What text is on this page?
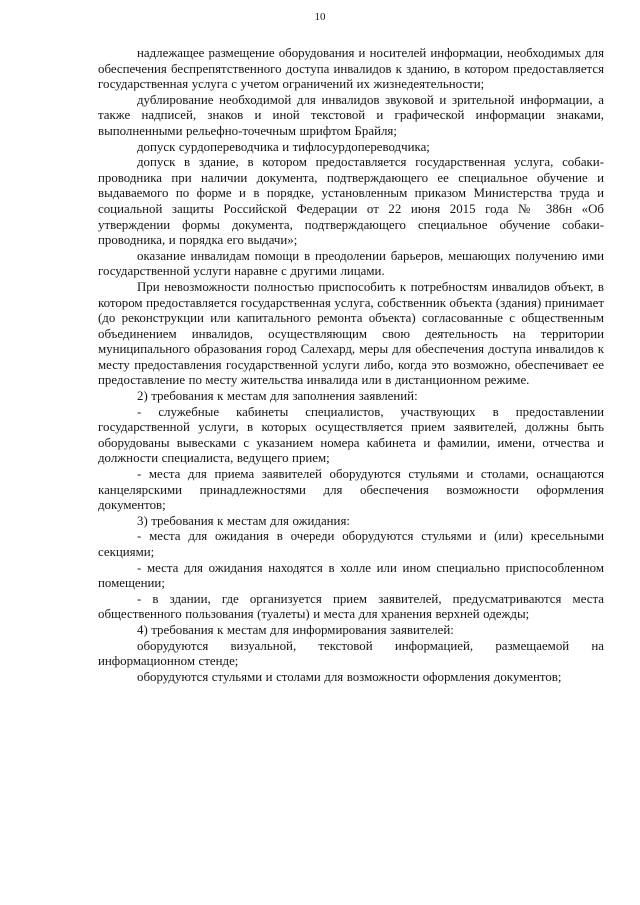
10

надлежащее размещение оборудования и носителей информации, необходимых для обеспечения беспрепятственного доступа инвалидов к зданию, в котором предоставляется государственная услуга с учетом ограничений их жизнедеятельности;

дублирование необходимой для инвалидов звуковой и зрительной информации, а также надписей, знаков и иной текстовой и графической информации знаками, выполненными рельефно-точечным шрифтом Брайля;

допуск сурдопереводчика и тифлосурдопереводчика;

допуск в здание, в котором предоставляется государственная услуга, собаки-проводника при наличии документа, подтверждающего ее специальное обучение и выдаваемого по форме и в порядке, установленным приказом Министерства труда и социальной защиты Российской Федерации от 22 июня 2015 года № 386н «Об утверждении формы документа, подтверждающего специальное обучение собаки-проводника, и порядка его выдачи»;

оказание инвалидам помощи в преодолении барьеров, мешающих получению ими государственной услуги наравне с другими лицами.

При невозможности полностью приспособить к потребностям инвалидов объект, в котором предоставляется государственная услуга, собственник объекта (здания) принимает (до реконструкции или капитального ремонта объекта) согласованные с общественным объединением инвалидов, осуществляющим свою деятельность на территории муниципального образования город Салехард, меры для обеспечения доступа инвалидов к месту предоставления государственной услуги либо, когда это возможно, обеспечивает ее предоставление по месту жительства инвалида или в дистанционном режиме.

2) требования к местам для заполнения заявлений:

- служебные кабинеты специалистов, участвующих в предоставлении государственной услуги, в которых осуществляется прием заявителей, должны быть оборудованы вывесками с указанием номера кабинета и фамилии, имени, отчества и должности специалиста, ведущего прием;

- места для приема заявителей оборудуются стульями и столами, оснащаются канцелярскими принадлежностями для обеспечения возможности оформления документов;

3) требования к местам для ожидания:

- места для ожидания в очереди оборудуются стульями и (или) кресельными секциями;

- места для ожидания находятся в холле или ином специально приспособленном помещении;

- в здании, где организуется прием заявителей, предусматриваются места общественного пользования (туалеты) и места для хранения верхней одежды;

4) требования к местам для информирования заявителей:

оборудуются визуальной, текстовой информацией, размещаемой на информационном стенде;

оборудуются стульями и столами для возможности оформления документов;
